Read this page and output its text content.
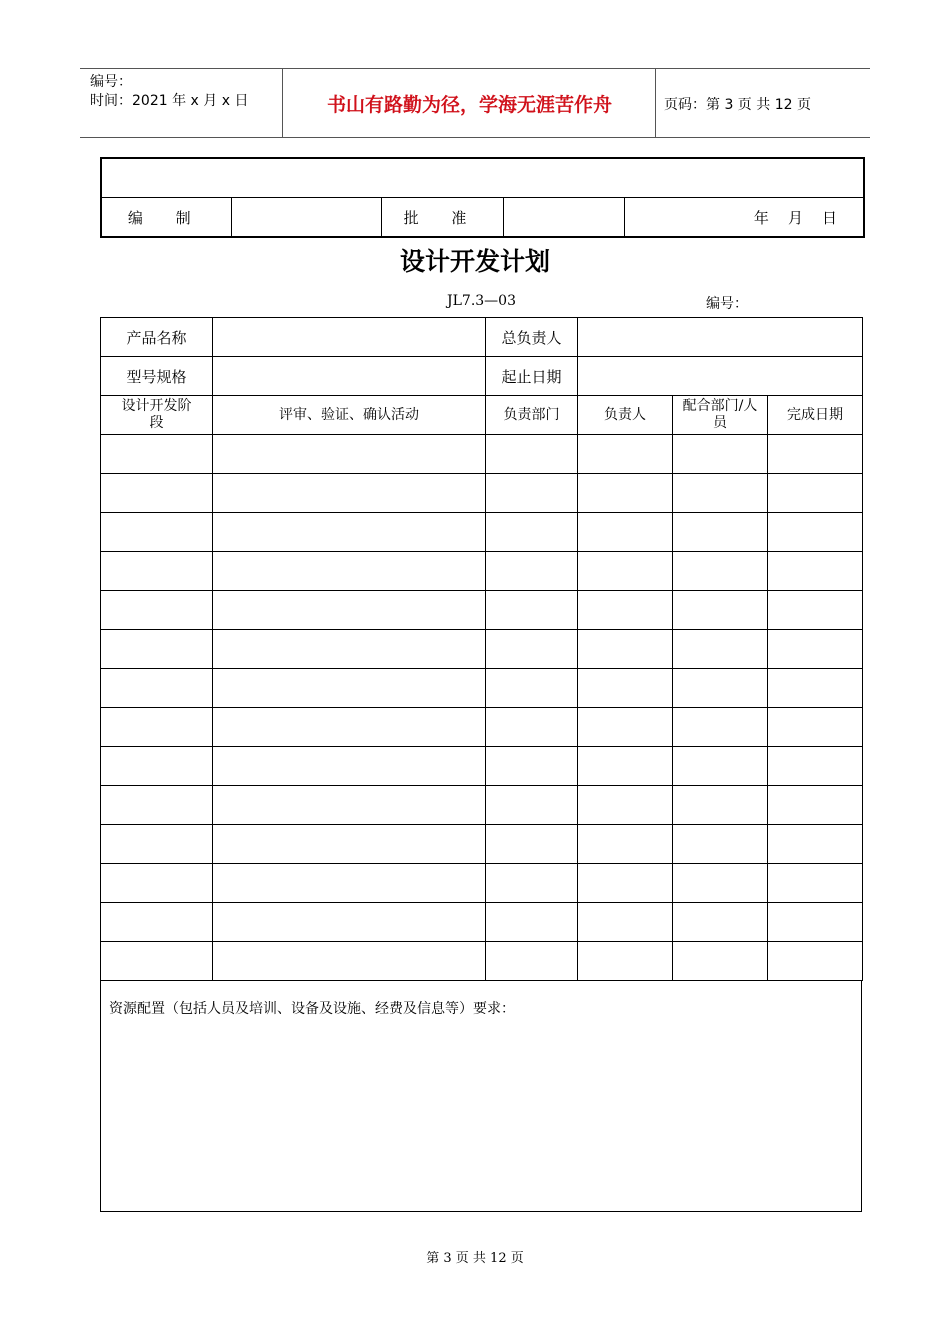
编号：
时间：2021 年 x 月 x 日	书山有路勤为径，学海无涯苦作舟	页码：第 3 页 共 12 页

编 制		批 准		年    月    日
设计开发计划
JL7.3—03	编号：
产品名称		总负责人			
型号规格		起止日期			
设计开发阶段	评审、验证、确认活动	负责部门	负责人	配合部门/人员	完成日期

资源配置（包括人员及培训、设备及设施、经费及信息等）要求：
第 3 页 共 12 页
